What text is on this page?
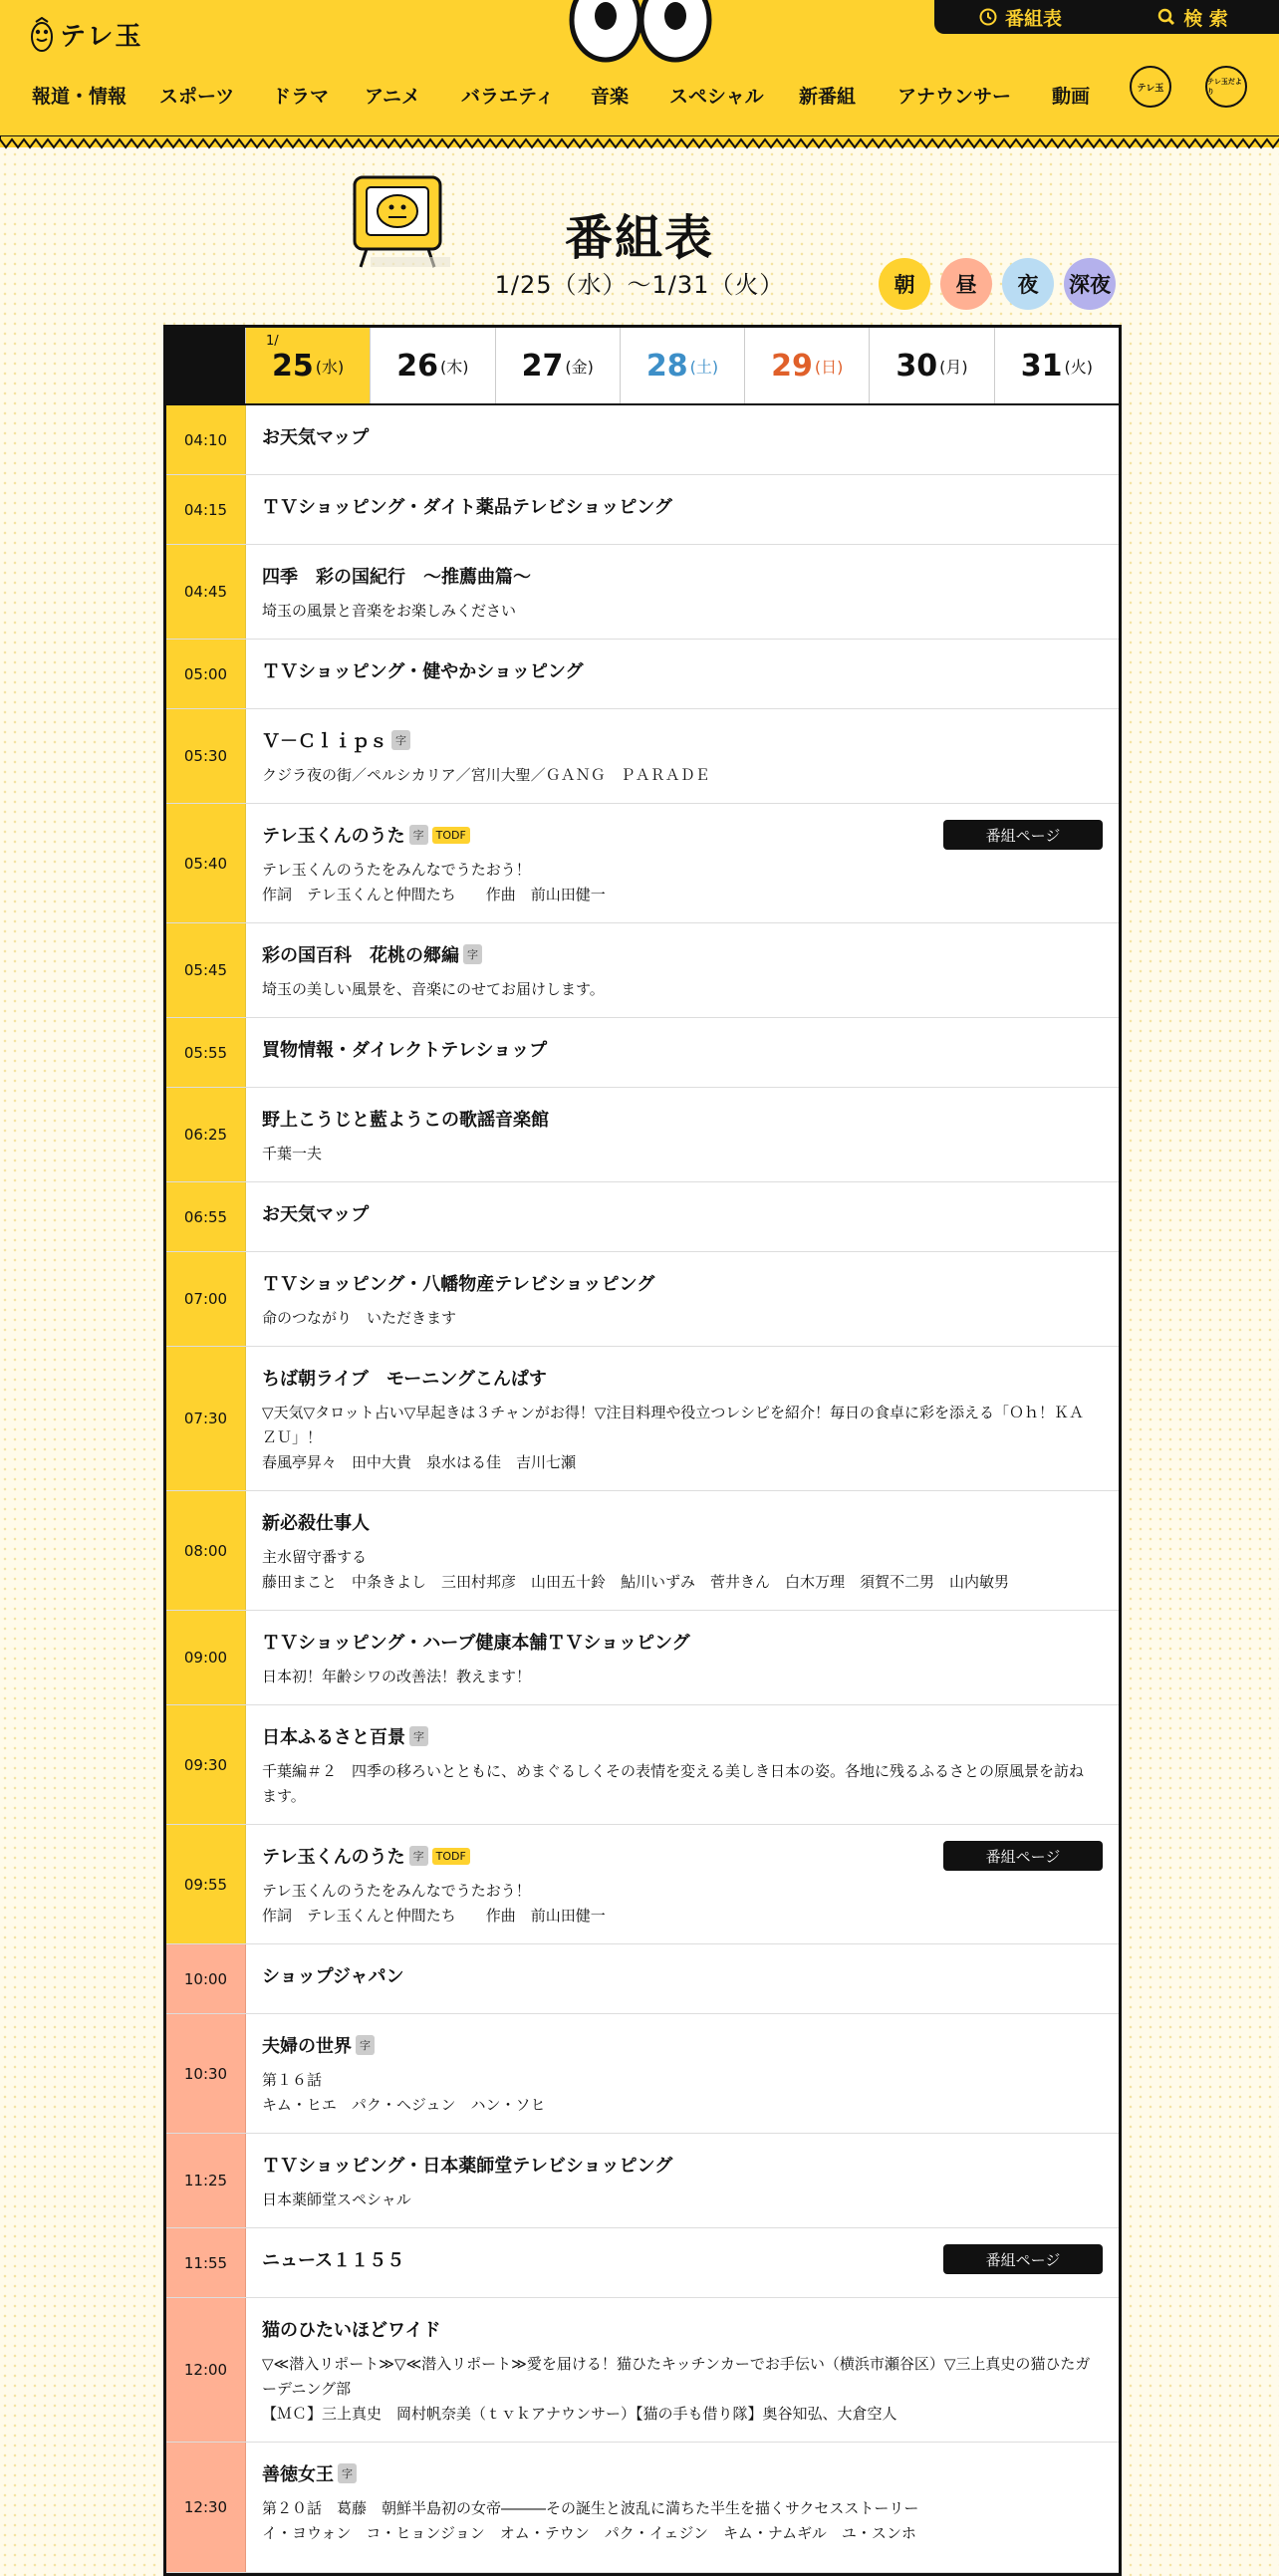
テレ玉
番組表	検 索
報道・情報 スポーツ ドラマ アニメ バラエティ 音楽 スペシャル 新番組 アナウンサー 動画	テレ玉
テレ玉だより
番組表
1/25（水）〜1/31（火）	朝	昼	夜	深夜
1/
25 (水) 26 (木) 27 (金) 28 (土) 29 (日) 30 (月) 31 (火)
04:10	お天気マップ
04:15	ＴＶショッピング・ダイト薬品テレビショッピング
04:45
四季　彩の国紀行　～推薦曲篇～
埼玉の風景と音楽をお楽しみください
05:00	ＴＶショッピング・健やかショッピング
05:30
Ｖ－Ｃｌｉｐｓ 字
クジラ夜の街／ペルシカリア／宮川大聖／ＧＡＮＧ　ＰＡＲＡＤＥ
05:40
テレ玉くんのうた 字	TODF	番組ページ
テレ玉くんのうたをみんなでうたおう！
作詞　テレ玉くんと仲間たち　　作曲　前山田健一
05:45
彩の国百科　花桃の郷編 字
埼玉の美しい風景を、音楽にのせてお届けします。
05:55	買物情報・ダイレクトテレショップ
06:25
野上こうじと藍ようこの歌謡音楽館
千葉一夫
06:55	お天気マップ
07:00
ＴＶショッピング・八幡物産テレビショッピング
命のつながり　いただきます
07:30
ちば朝ライブ　モーニングこんぱす
▽天気▽タロット占い▽早起きは３チャンがお得！▽注目料理や役立つレシピを紹介！毎日の食卓に彩を添える「Ｏｈ！ＫＡＺＵ」！
春風亭昇々　田中大貴　泉水はる佳　吉川七瀬
08:00
新必殺仕事人
主水留守番する
藤田まこと　中条きよし　三田村邦彦　山田五十鈴　鮎川いずみ　菅井きん　白木万理　須賀不二男　山内敏男
09:00
ＴＶショッピング・ハーブ健康本舗ＴＶショッピング
日本初！年齢シワの改善法！教えます！
09:30
日本ふるさと百景 字
千葉編＃２　四季の移ろいとともに、めまぐるしくその表情を変える美しき日本の姿。各地に残るふるさとの原風景を訪ねます。
09:55
テレ玉くんのうた 字	TODF	番組ページ
テレ玉くんのうたをみんなでうたおう！
作詞　テレ玉くんと仲間たち　　作曲　前山田健一
10:00	ショップジャパン
10:30
夫婦の世界 字
第１６話
キム・ヒエ　パク・ヘジュン　ハン・ソヒ
11:25
ＴＶショッピング・日本薬師堂テレビショッピング
日本薬師堂スペシャル
11:55	ニュース１１５５	番組ページ
12:00
猫のひたいほどワイド
▽≪潜入リポート≫▽≪潜入リポート≫愛を届ける！猫ひたキッチンカーでお手伝い（横浜市瀬谷区）▽三上真史の猫ひたガーデニング部
【ＭＣ】三上真史　岡村帆奈美（ｔｖｋアナウンサー）【猫の手も借り隊】奥谷知弘、大倉空人
12:30
善徳女王 字
第２０話　葛藤　朝鮮半島初の女帝―――その誕生と波乱に満ちた半生を描くサクセスストーリー
イ・ヨウォン　コ・ヒョンジョン　オム・テウン　パク・イェジン　キム・ナムギル　ユ・スンホ
